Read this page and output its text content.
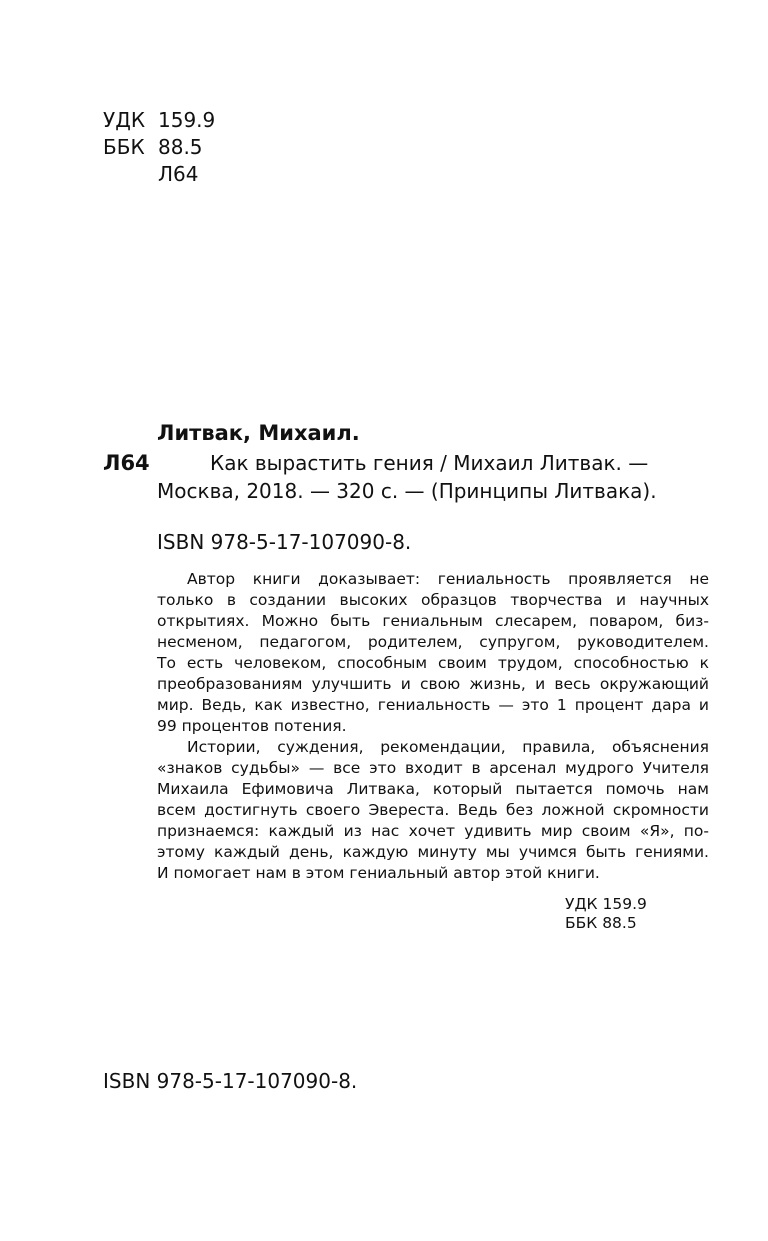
УДК 159.9
ББК 88.5
Л64
Литвак, Михаил.
Л64	Как вырастить гения / Михаил Литвак. —
Москва, 2018. — 320 с. — (Принципы Литвака).
ISBN 978-5-17-107090-8.
Автор книги доказывает: гениальность проявляется не
только в создании высоких образцов творчества и научных
открытиях. Можно быть гениальным слесарем, поваром, биз-
несменом, педагогом, родителем, супругом, руководителем.
То есть человеком, способным своим трудом, способностью к
преобразованиям улучшить и свою жизнь, и весь окружающий
мир. Ведь, как известно, гениальность — это 1 процент дара и
99 процентов потения.
Истории, суждения, рекомендации, правила, объяснения
«знаков судьбы» — все это входит в арсенал мудрого Учителя
Михаила Ефимовича Литвака, который пытается помочь нам
всем достигнуть своего Эвереста. Ведь без ложной скромности
признаемся: каждый из нас хочет удивить мир своим «Я», по-
этому каждый день, каждую минуту мы учимся быть гениями.
И помогает нам в этом гениальный автор этой книги.
УДК 159.9
ББК 88.5
ISBN 978-5-17-107090-8.
